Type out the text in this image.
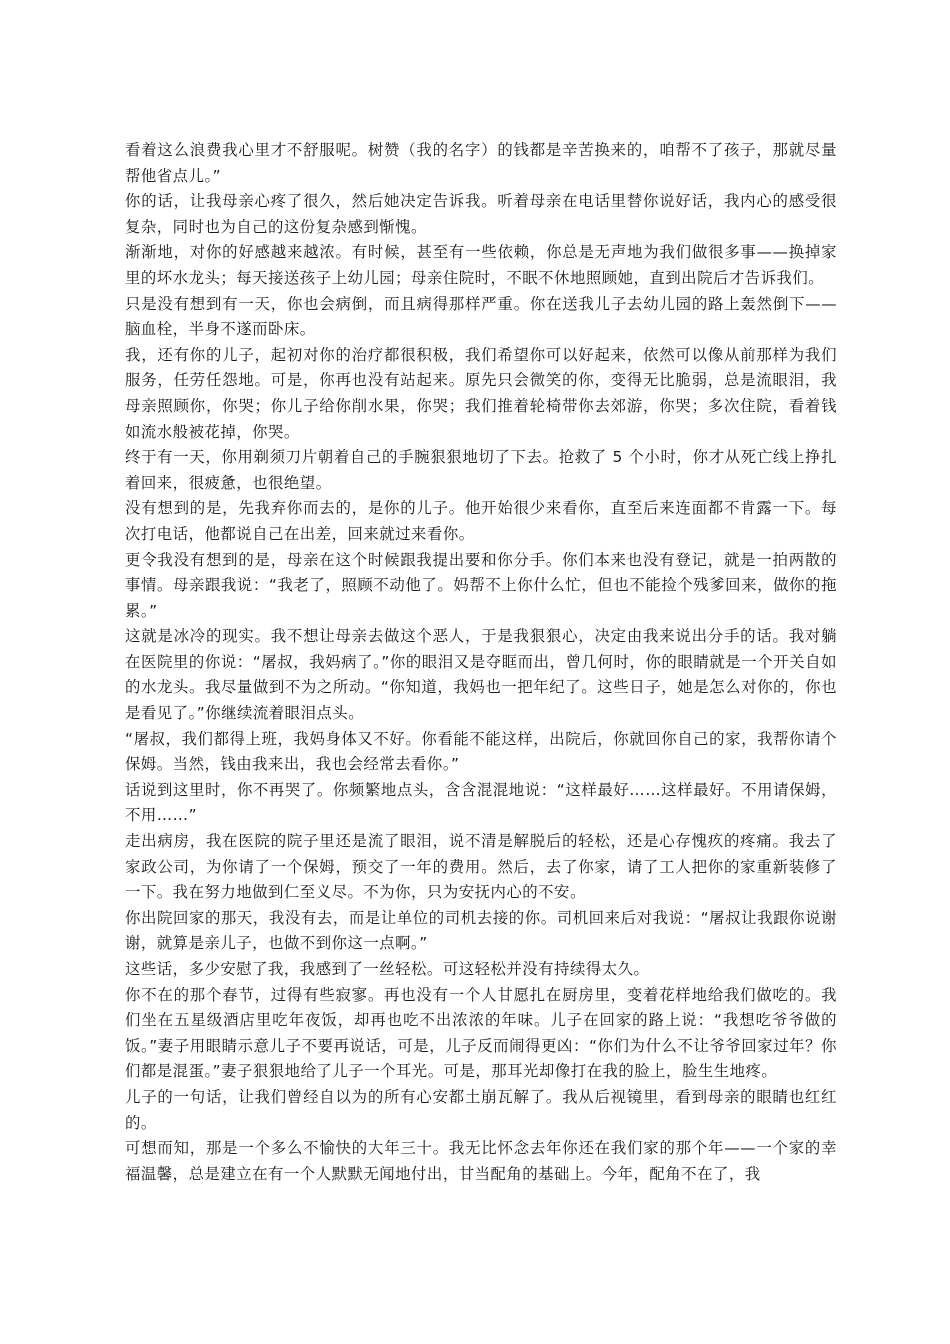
看着这么浪费我心里才不舒服呢。树赞（我的名字）的钱都是辛苦换来的，咱帮不了孩子，那就尽量帮他省点儿。”

你的话，让我母亲心疼了很久，然后她决定告诉我。听着母亲在电话里替你说好话，我内心的感受很复杂，同时也为自己的这份复杂感到惭愧。

渐渐地，对你的好感越来越浓。有时候，甚至有一些依赖，你总是无声地为我们做很多事——换掉家里的坏水龙头；每天接送孩子上幼儿园；母亲住院时，不眠不休地照顾她，直到出院后才告诉我们。

只是没有想到有一天，你也会病倒，而且病得那样严重。你在送我儿子去幼儿园的路上轰然倒下——脑血栓，半身不遂而卧床。

我，还有你的儿子，起初对你的治疗都很积极，我们希望你可以好起来，依然可以像从前那样为我们服务，任劳任怨地。可是，你再也没有站起来。原先只会微笑的你，变得无比脆弱，总是流眼泪，我母亲照顾你，你哭；你儿子给你削水果，你哭；我们推着轮椅带你去郊游，你哭；多次住院，看着钱如流水般被花掉，你哭。

终于有一天，你用剃须刀片朝着自己的手腕狠狠地切了下去。抢救了 5 个小时，你才从死亡线上挣扎着回来，很疲惫，也很绝望。

没有想到的是，先我弃你而去的，是你的儿子。他开始很少来看你，直至后来连面都不肯露一下。每次打电话，他都说自己在出差，回来就过来看你。

更令我没有想到的是，母亲在这个时候跟我提出要和你分手。你们本来也没有登记，就是一拍两散的事情。母亲跟我说：“我老了，照顾不动他了。妈帮不上你什么忙，但也不能捡个残爹回来，做你的拖累。”

这就是冰冷的现实。我不想让母亲去做这个恶人，于是我狠狠心，决定由我来说出分手的话。我对躺在医院里的你说：“屠叔，我妈病了。”你的眼泪又是夺眶而出，曾几何时，你的眼睛就是一个开关自如的水龙头。我尽量做到不为之所动。“你知道，我妈也一把年纪了。这些日子，她是怎么对你的，你也是看见了。”你继续流着眼泪点头。

“屠叔，我们都得上班，我妈身体又不好。你看能不能这样，出院后，你就回你自己的家，我帮你请个保姆。当然，钱由我来出，我也会经常去看你。”

话说到这里时，你不再哭了。你频繁地点头，含含混混地说：“这样最好……这样最好。不用请保姆，不用……”

走出病房，我在医院的院子里还是流了眼泪，说不清是解脱后的轻松，还是心存愧疚的疼痛。我去了家政公司，为你请了一个保姆，预交了一年的费用。然后，去了你家，请了工人把你的家重新装修了一下。我在努力地做到仁至义尽。不为你，只为安抚内心的不安。

你出院回家的那天，我没有去，而是让单位的司机去接的你。司机回来后对我说：“屠叔让我跟你说谢谢，就算是亲儿子，也做不到你这一点啊。”

这些话，多少安慰了我，我感到了一丝轻松。可这轻松并没有持续得太久。

你不在的那个春节，过得有些寂寥。再也没有一个人甘愿扎在厨房里，变着花样地给我们做吃的。我们坐在五星级酒店里吃年夜饭，却再也吃不出浓浓的年味。儿子在回家的路上说：“我想吃爷爷做的饭。”妻子用眼睛示意儿子不要再说话，可是，儿子反而闹得更凶：“你们为什么不让爷爷回家过年？你们都是混蛋。”妻子狠狠地给了儿子一个耳光。可是，那耳光却像打在我的脸上，脸生生地疼。

儿子的一句话，让我们曾经自以为的所有心安都土崩瓦解了。我从后视镜里，看到母亲的眼睛也红红的。

可想而知，那是一个多么不愉快的大年三十。我无比怀念去年你还在我们家的那个年——一个家的幸福温馨，总是建立在有一个人默默无闻地付出，甘当配角的基础上。今年，配角不在了，我
